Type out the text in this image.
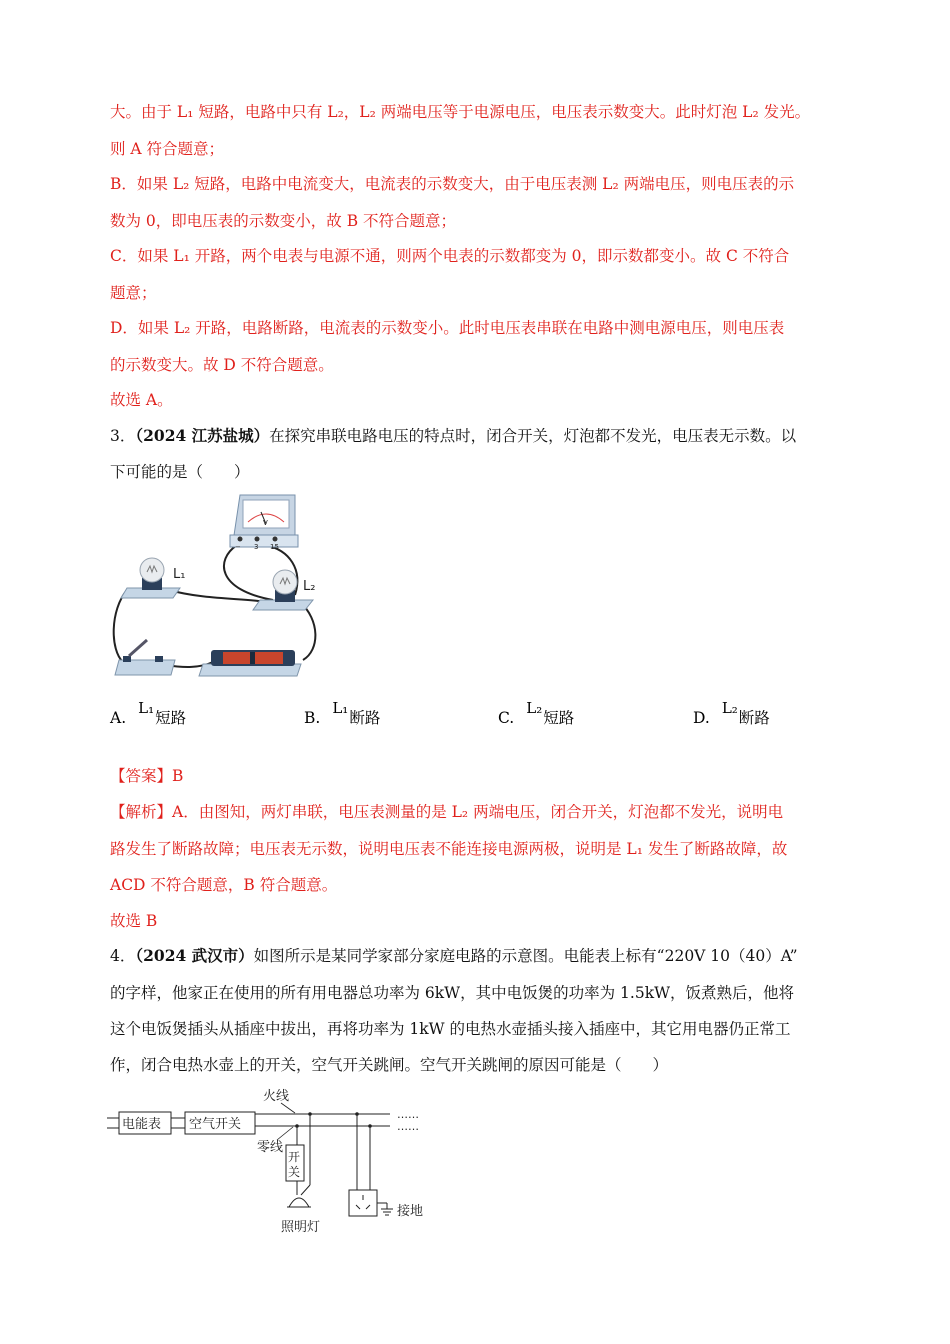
大。由于 L₁ 短路，电路中只有 L₂，L₂ 两端电压等于电源电压，电压表示数变大。此时灯泡 L₂ 发光。
则 A 符合题意；
B．如果 L₂ 短路，电路中电流变大，电流表的示数变大，由于电压表测 L₂ 两端电压，则电压表的示
数为 0，即电压表的示数变小，故 B 不符合题意；
C．如果 L₁ 开路，两个电表与电源不通，则两个电表的示数都变为 0，即示数都变小。故 C 不符合
题意；
D．如果 L₂ 开路，电路断路，电流表的示数变小。此时电压表串联在电路中测电源电压，则电压表
的示数变大。故 D 不符合题意。
故选 A。
3．（2024 江苏盐城）在探究串联电路电压的特点时，闭合开关，灯泡都不发光，电压表无示数。以
下可能的是（　　）
V
− 3 15
L₁
L₂
A.L₁短路	B.L₁断路	C.L₂短路	D.L₂断路
【答案】B
【解析】A．由图知，两灯串联，电压表测量的是 L₂ 两端电压，闭合开关，灯泡都不发光，说明电
路发生了断路故障；电压表无示数，说明电压表不能连接电源两极，说明是 L₁ 发生了断路故障，故
ACD 不符合题意，B 符合题意。
故选 B
4．（2024 武汉市）如图所示是某同学家部分家庭电路的示意图。电能表上标有“220V 10（40）A”
的字样，他家正在使用的所有用电器总功率为 6kW，其中电饭煲的功率为 1.5kW，饭煮熟后，他将
这个电饭煲插头从插座中拔出，再将功率为 1kW 的电热水壶插头接入插座中，其它用电器仍正常工
作，闭合电热水壶上的开关，空气开关跳闸。空气开关跳闸的原因可能是（　　）
电能表 空气开关
……
……
火线
零线
开
关
照明灯
接地
